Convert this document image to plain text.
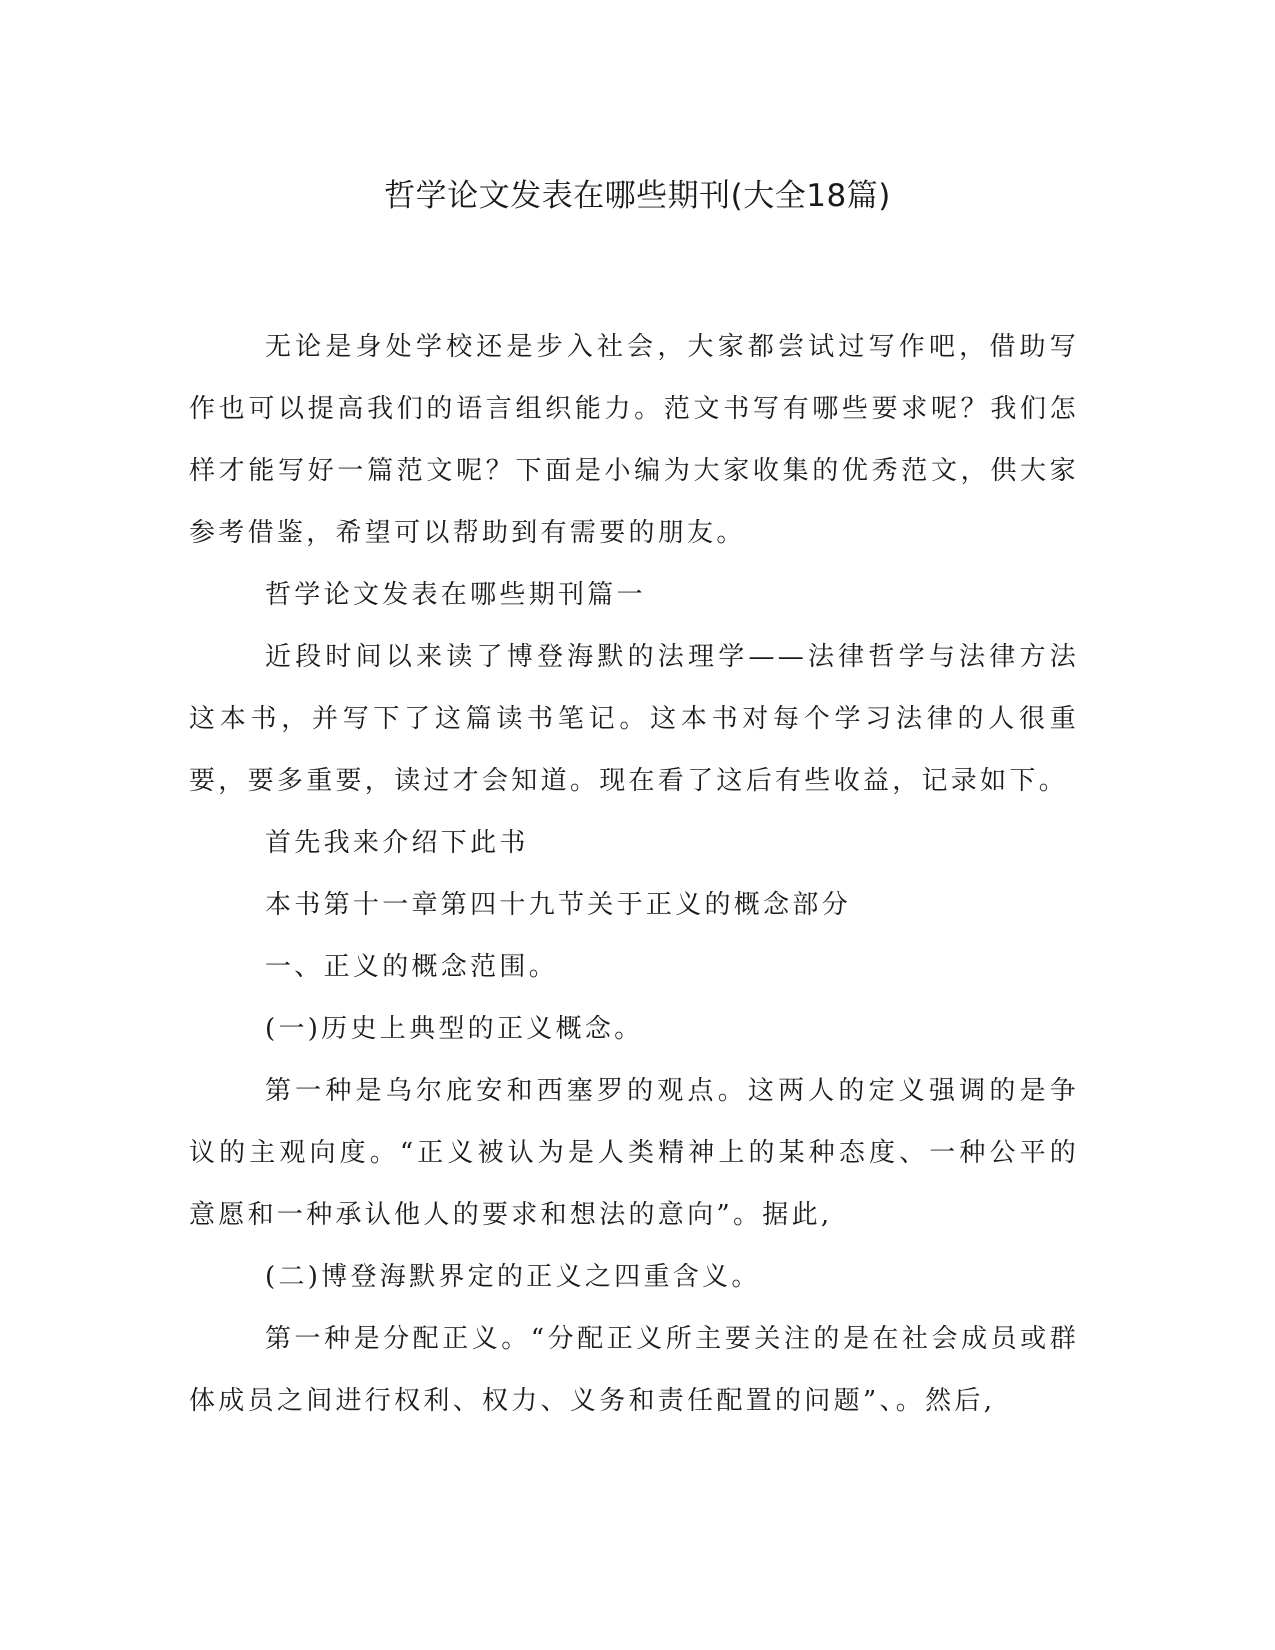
哲学论文发表在哪些期刊(大全18篇)

无论是身处学校还是步入社会，大家都尝试过写作吧，借助写作也可以提高我们的语言组织能力。范文书写有哪些要求呢？我们怎样才能写好一篇范文呢？下面是小编为大家收集的优秀范文，供大家参考借鉴，希望可以帮助到有需要的朋友。

哲学论文发表在哪些期刊篇一

近段时间以来读了博登海默的法理学——法律哲学与法律方法这本书，并写下了这篇读书笔记。这本书对每个学习法律的人很重要，要多重要，读过才会知道。现在看了这后有些收益，记录如下。

首先我来介绍下此书

本书第十一章第四十九节关于正义的概念部分

一、正义的概念范围。

(一)历史上典型的正义概念。

第一种是乌尔庇安和西塞罗的观点。这两人的定义强调的是争议的主观向度。“正义被认为是人类精神上的某种态度、一种公平的意愿和一种承认他人的要求和想法的意向”。据此,

(二)博登海默界定的正义之四重含义。

第一种是分配正义。“分配正义所主要关注的是在社会成员或群体成员之间进行权利、权力、义务和责任配置的问题”、。然后,
